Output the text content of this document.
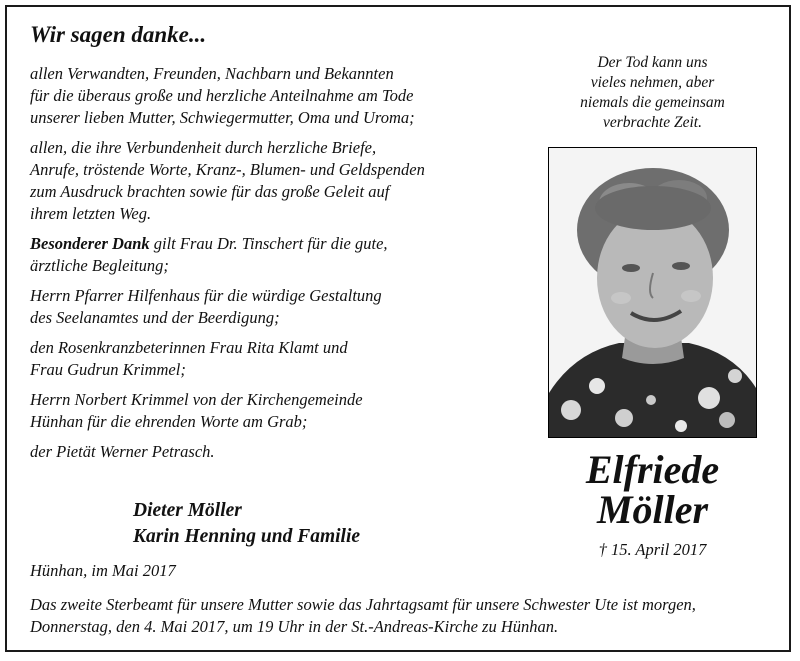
Wir sagen danke...

allen Verwandten, Freunden, Nachbarn und Bekannten
für die überaus große und herzliche Anteilnahme am Tode
unserer lieben Mutter, Schwiegermutter, Oma und Uroma;

allen, die ihre Verbundenheit durch herzliche Briefe,
Anrufe, tröstende Worte, Kranz-, Blumen- und Geldspenden
zum Ausdruck brachten sowie für das große Geleit auf
ihrem letzten Weg.

Besonderer Dank gilt Frau Dr. Tinschert für die gute,
ärztliche Begleitung;

Herrn Pfarrer Hilfenhaus für die würdige Gestaltung
des Seelanamtes und der Beerdigung;

den Rosenkranzbeterinnen Frau Rita Klamt und
Frau Gudrun Krimmel;

Herrn Norbert Krimmel von der Kirchengemeinde
Hünhan für die ehrenden Worte am Grab;

der Pietät Werner Petrasch.

Dieter Möller
Karin Henning und Familie
Hünhan, im Mai 2017
Das zweite Sterbeamt für unsere Mutter sowie das Jahrtagsamt für unsere Schwester Ute ist morgen,
Donnerstag, den 4. Mai 2017, um 19 Uhr in der St.-Andreas-Kirche zu Hünhan.
Der Tod kann uns
vieles nehmen, aber
niemals die gemeinsam
verbrachte Zeit.
Elfriede
Möller
† 15. April 2017
